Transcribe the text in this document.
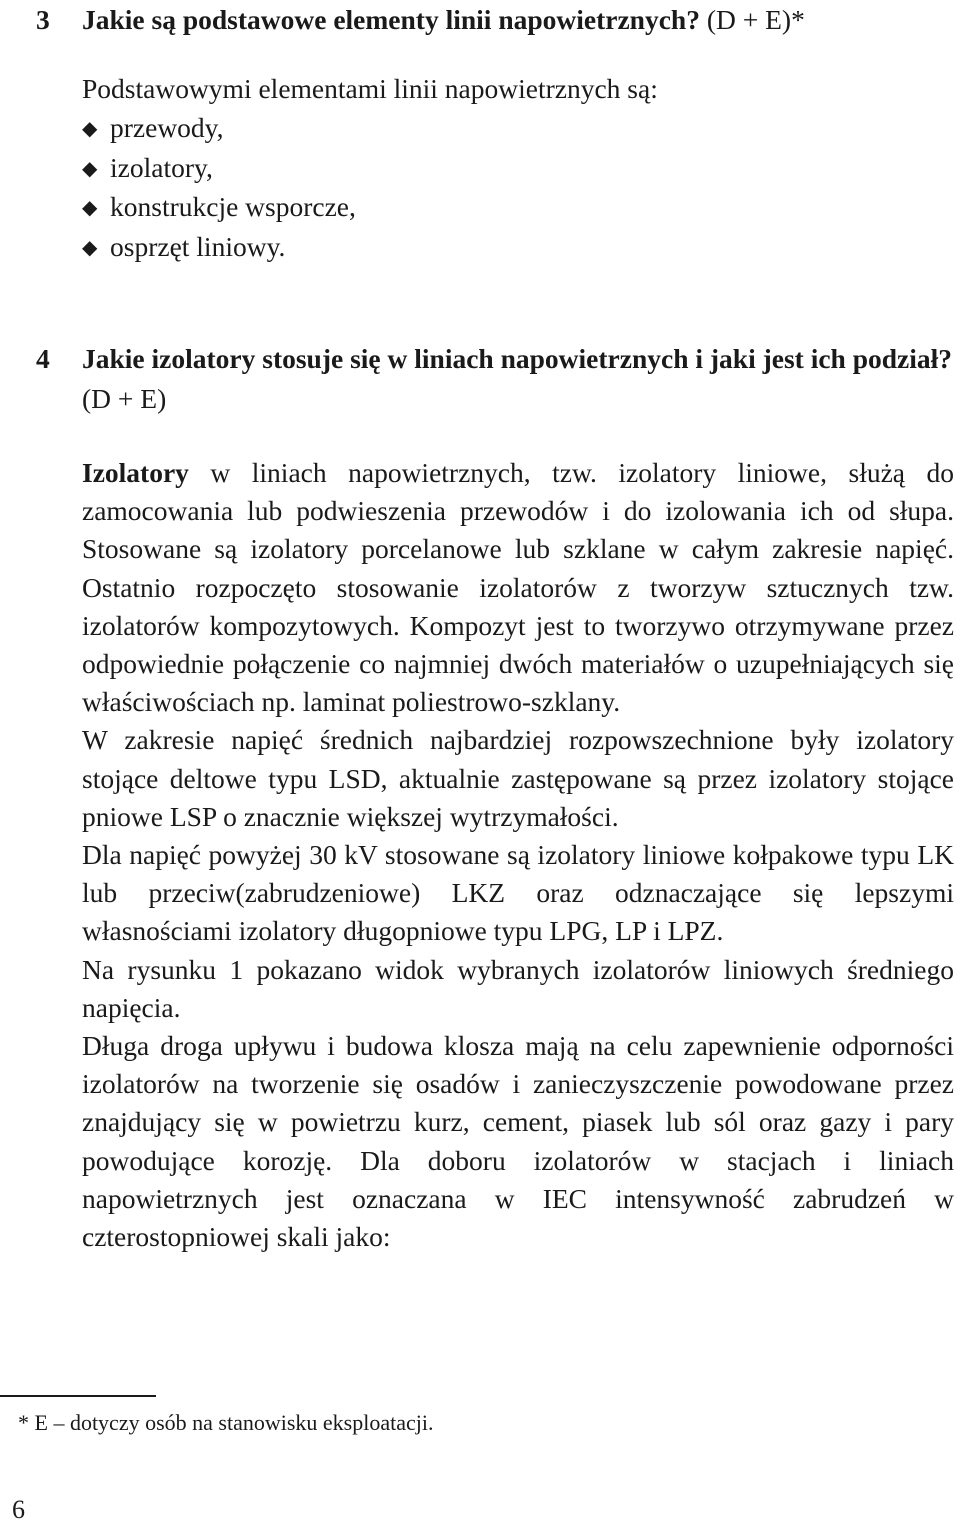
3 Jakie są podstawowe elementy linii napowietrznych? (D + E)*
Podstawowymi elementami linii napowietrznych są:
◆ przewody,
◆ izolatory,
◆ konstrukcje wsporcze,
◆ osprzęt liniowy.
4 Jakie izolatory stosuje się w liniach napowietrznych i jaki jest ich podział? (D + E)

Izolatory w liniach napowietrznych, tzw. izolatory liniowe, służą do zamocowania lub podwieszenia przewodów i do izolowania ich od słupa. Stosowane są izolatory porcelanowe lub szklane w całym zakresie napięć. Ostatnio rozpoczęto stosowanie izolatorów z tworzyw sztucznych tzw. izolatorów kompozytowych. Kompozyt jest to tworzywo otrzymywane przez odpowiednie połączenie co najmniej dwóch materiałów o uzupełniających się właściwościach np. laminat poliestrowo-szklany.

W zakresie napięć średnich najbardziej rozpowszechnione były izolatory stojące deltowe typu LSD, aktualnie zastępowane są przez izolatory stojące pniowe LSP o znacznie większej wytrzymałości.

Dla napięć powyżej 30 kV stosowane są izolatory liniowe kołpakowe typu LK lub przeciw(zabrudzeniowe) LKZ oraz odznaczające się lepszymi własnościami izolatory długopniowe typu LPG, LP i LPZ.

Na rysunku 1 pokazano widok wybranych izolatorów liniowych średniego napięcia.

Długa droga upływu i budowa klosza mają na celu zapewnienie odporności izolatorów na tworzenie się osadów i zanieczyszczenie powodowane przez znajdujący się w powietrzu kurz, cement, piasek lub sól oraz gazy i pary powodujące korozję. Dla doboru izolatorów w stacjach i liniach napowietrznych jest oznaczana w IEC intensywność zabrudzeń w czterostopniowej skali jako:

* E – dotyczy osób na stanowisku eksploatacji.
6
